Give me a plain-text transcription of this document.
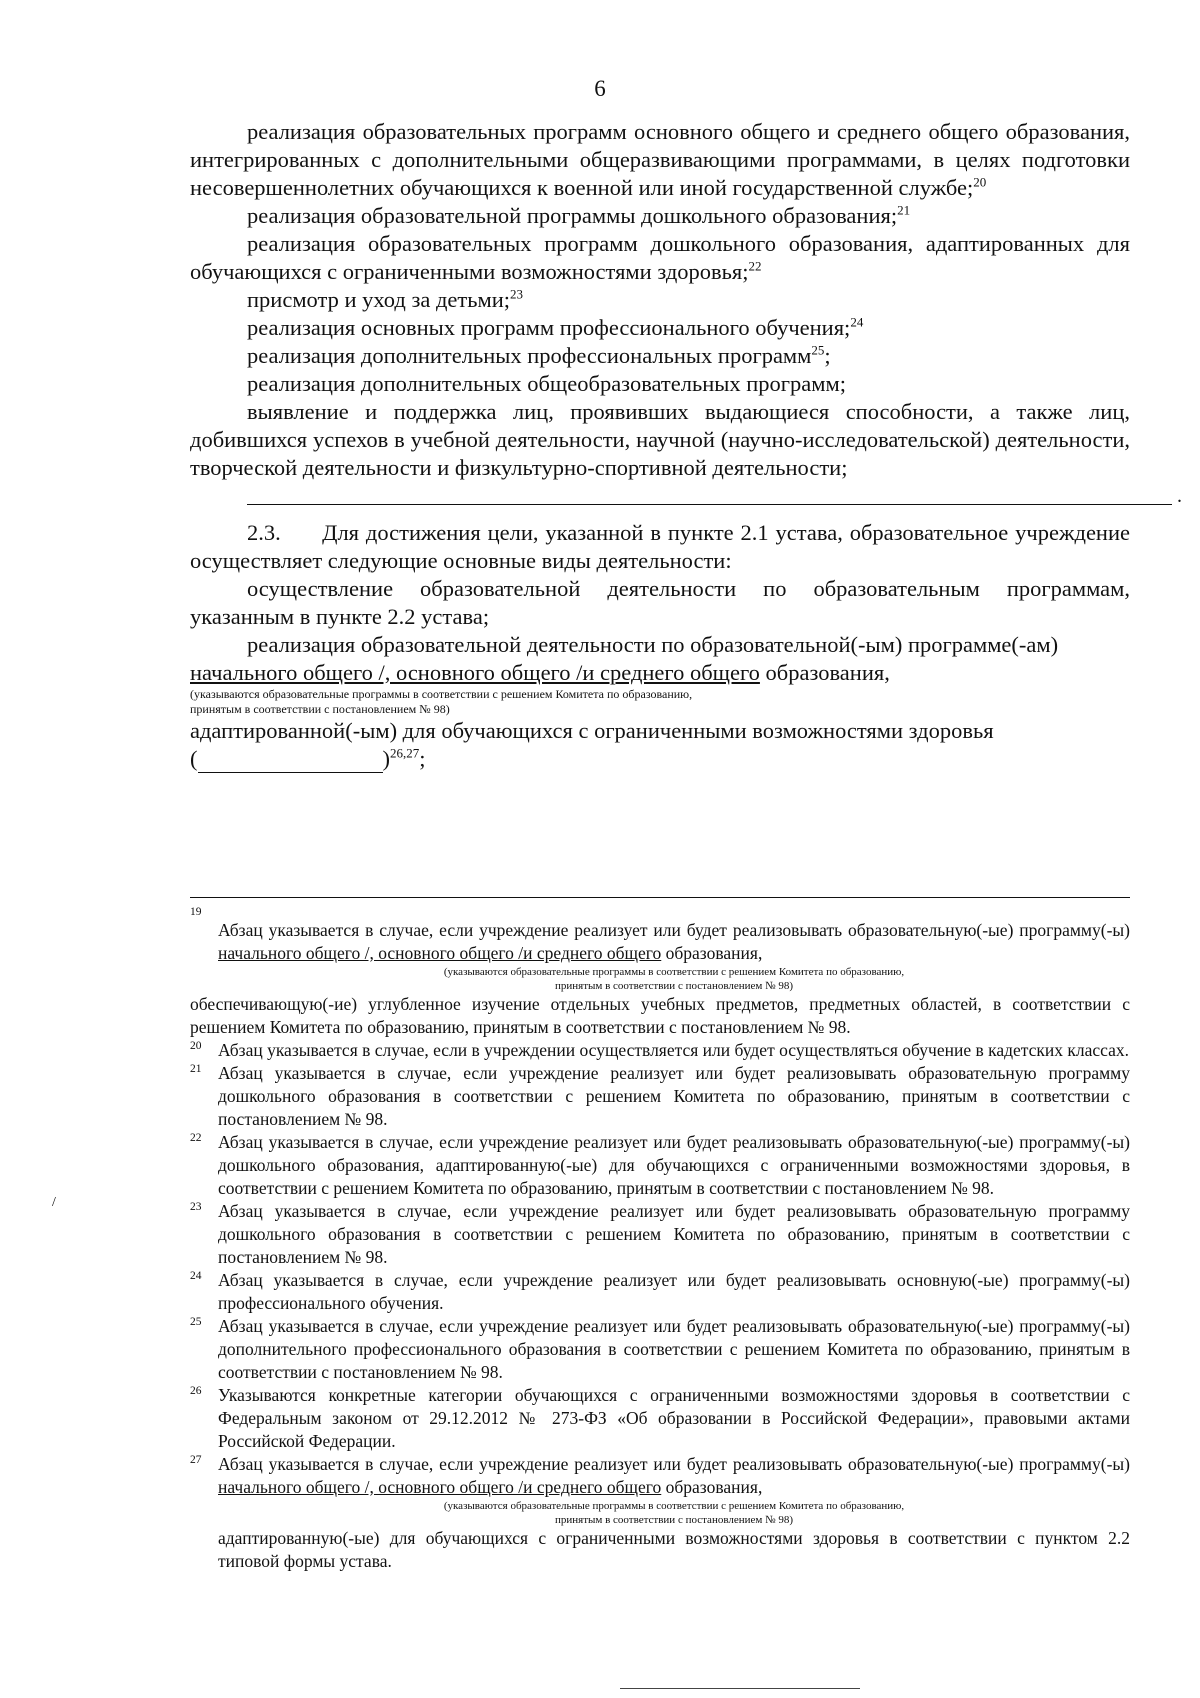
6

реализация образовательных программ основного общего и среднего общего образования, интегрированных с дополнительными общеразвивающими программами, в целях подготовки несовершеннолетних обучающихся к военной или иной государственной службе;$^{20}$

реализация образовательной программы дошкольного образования;$^{21}$

реализация образовательных программ дошкольного образования, адаптированных для обучающихся с ограниченными возможностями здоровья;$^{22}$

присмотр и уход за детьми;$^{23}$

реализация основных программ профессионального обучения;$^{24}$

реализация дополнительных профессиональных программ$^{25}$;

реализация дополнительных общеобразовательных программ;

выявление и поддержка лиц, проявивших выдающиеся способности, а также лиц, добившихся успехов в учебной деятельности, научной (научно-исследовательской) деятельности, творческой деятельности и физкультурно-спортивной деятельности;

.

2.3. Для достижения цели, указанной в пункте 2.1 устава, образовательное учреждение осуществляет следующие основные виды деятельности:

осуществление образовательной деятельности по образовательным программам, указанным в пункте 2.2 устава;

реализация образовательной деятельности по образовательной(-ым) программе(-ам)

начального общего /, основного общего /и среднего общего образования,

(указываются образовательные программы в соответствии с решением Комитета по образованию,

принятым в соответствии с постановлением № 98)

адаптированной(-ым) для обучающихся с ограниченными возможностями здоровья

(	)$^{26,27}$;

19

Абзац указывается в случае, если учреждение реализует или будет реализовывать образовательную(-ые) программу(-ы) начального общего /, основного общего /и среднего общего образования,

(указываются образовательные программы в соответствии с решением Комитета по образованию,

принятым в соответствии с постановлением № 98)

обеспечивающую(-ие) углубленное изучение отдельных учебных предметов, предметных областей, в соответствии с решением Комитета по образованию, принятым в соответствии с постановлением № 98.

20 Абзац указывается в случае, если в учреждении осуществляется или будет осуществляться обучение в кадетских классах.

21 Абзац указывается в случае, если учреждение реализует или будет реализовывать образовательную программу дошкольного образования в соответствии с решением Комитета по образованию, принятым в соответствии с постановлением № 98.

22 Абзац указывается в случае, если учреждение реализует или будет реализовывать образовательную(-ые) программу(-ы) дошкольного образования, адаптированную(-ые) для обучающихся с ограниченными возможностями здоровья, в соответствии с решением Комитета по образованию, принятым в соответствии с постановлением № 98.

23 Абзац указывается в случае, если учреждение реализует или будет реализовывать образовательную программу дошкольного образования в соответствии с решением Комитета по образованию, принятым в соответствии с постановлением № 98.

24 Абзац указывается в случае, если учреждение реализует или будет реализовывать основную(-ые) программу(-ы) профессионального обучения.

25 Абзац указывается в случае, если учреждение реализует или будет реализовывать образовательную(-ые) программу(-ы) дополнительного профессионального образования в соответствии с решением Комитета по образованию, принятым в соответствии с постановлением № 98.

26 Указываются конкретные категории обучающихся с ограниченными возможностями здоровья в соответствии с Федеральным законом от 29.12.2012 № 273-ФЗ «Об образовании в Российской Федерации», правовыми актами Российской Федерации.

27 Абзац указывается в случае, если учреждение реализует или будет реализовывать образовательную(-ые) программу(-ы) начального общего /, основного общего /и среднего общего образования,

(указываются образовательные программы в соответствии с решением Комитета по образованию,

принятым в соответствии с постановлением № 98)

адаптированную(-ые) для обучающихся с ограниченными возможностями здоровья в соответствии с пунктом 2.2 типовой формы устава.

/
